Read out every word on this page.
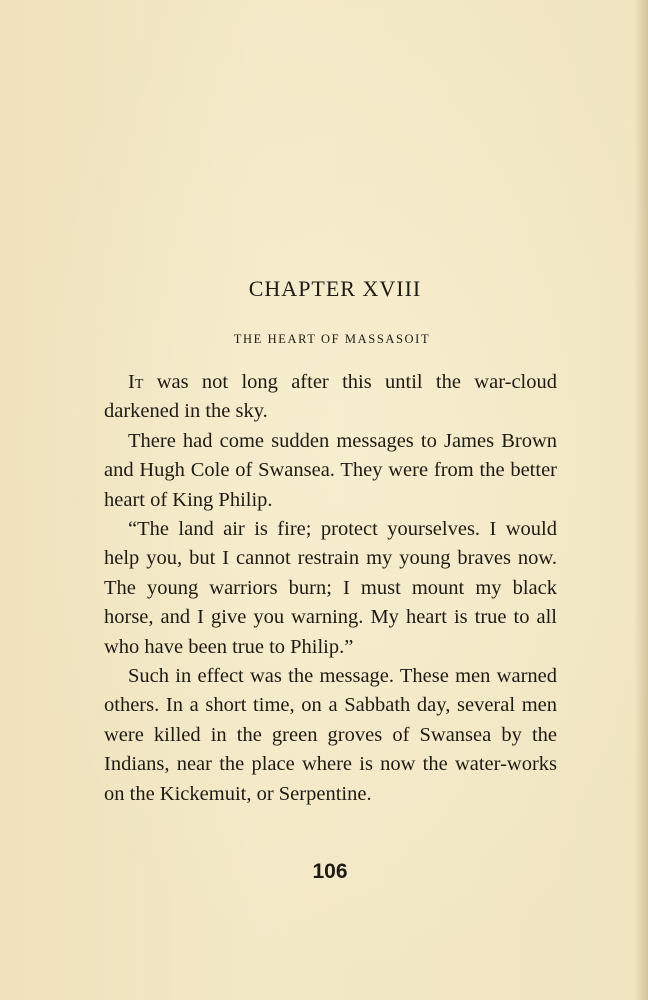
CHAPTER XVIII
THE HEART OF MASSASOIT

It was not long after this until the war-cloud darkened in the sky.

There had come sudden messages to James Brown and Hugh Cole of Swansea. They were from the better heart of King Philip.

“The land air is fire; protect yourselves. I would help you, but I cannot restrain my young braves now. The young warriors burn; I must mount my black horse, and I give you warning. My heart is true to all who have been true to Philip.”

Such in effect was the message. These men warned others. In a short time, on a Sabbath day, several men were killed in the green groves of Swansea by the Indians, near the place where is now the water-works on the Kickemuit, or Serpentine.

106
